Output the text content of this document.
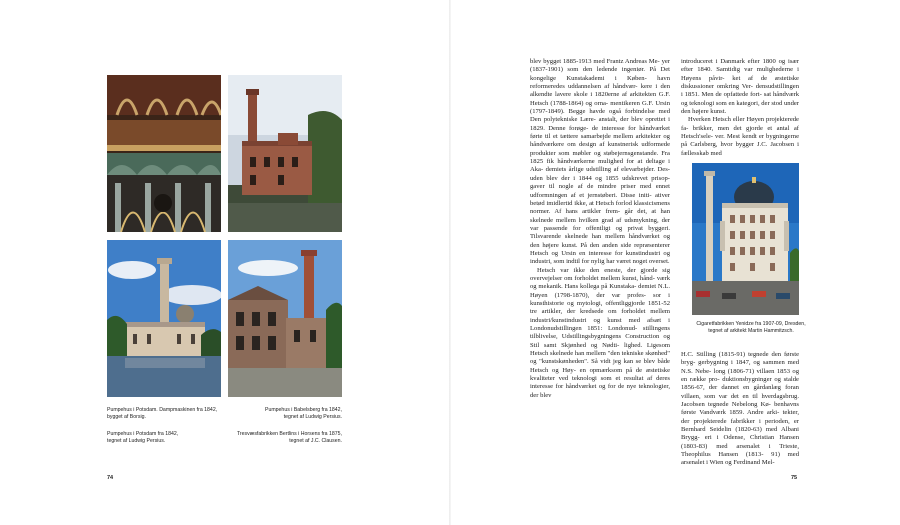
Pumpehus i Potsdam. Dampmaskinen fra 1842,
bygget af Borsig.
Pumpehus i Babelsberg fra 1842,
tegnet af Ludwig Persius.
Pumpehus i Potsdam fra 1842,
tegnet af Ludwig Persius.
Tresvæsfabrikken Bertlins i Horsens fra 1875,
tegnet af J.C. Clausen.
74

blev bygget 1885-1913 med Frantz Andreas Me- yer (1837-1901) som den ledende ingeniør. På Det kongelige Kunstakademi i Køben- havn reformeredes uddannelsen af håndvær- kere i den alkendte lavere skole i 1820erne af arkitekten G.F. Hetsch (1788-1864) og orna- mentikeren G.F. Ursin (1797-1849). Begge havde også forbindelse med Den polytekniske Lære- anstalt, der blev oprettet i 1829. Denne forøge- de interesse for håndværket førte til et tættere samarbejde mellem arkitekter og håndværkere om design af kunstnerisk udformede produkter som møbler og støbejernsgenstande. Fra 1825 fik håndværkerne mulighed for at deltage i Aka- demiets årlige udstilling af elevarbejder. Des- uden blev der i 1844 og 1855 udskrevet prisop- gaver til nogle af de mindre priser med ennet udformningen af et jernstøberi. Disse initi- ativer betød imidlertid ikke, at Hetsch forlod klassicismens normer. Af hans artikler frem- går det, at han skelnede mellem hvilken grad af udsmykning, der var passende for offentligt og privat byggeri. Tilsvarende skelnede han mellem håndværket og den højere kunst. På den anden side repræsenterer Hetsch og Ursin en interesse for kunstindustri og industri, som indtil for nylig har været noget overset.

Hetsch var ikke den eneste, der gjorde sig overvejelser om forholdet mellem kunst, hånd- værk og mekanik. Hans kollega på Kunstaka- demiet N.L. Høyen (1798-1870), der var profes- sor i kunsthistorie og mytologi, offentliggjorde 1851-52 tre artikler, der kredsede om forholdet mellem industri/kunstindustri og kunst med afsæt i Londonudstillingen 1851: Londonud- stillingens tilblivelse, Udstillingsbygningens Construction og Stil samt Skjønhed og Nødti- lighed. Ligesom Hetsch skelnede han mellem "den tekniske skønhed" og "kunstskønheden". Så vidt jeg kan se blev både Hetsch og Høy- en opmærksom på de æstetiske kvaliteter ved teknologi som et resultat af deres interesse for håndværket og for de nye teknologier, der blev

introduceret i Danmark efter 1800 og især efter 1840. Samtidig var mulighederne i Høyens påvir- ket af de æstetiske diskussioner omkring Ver- densudstillingen i 1851. Men de opfattede fort- sat håndværk og teknologi som en kategori, der stod under den højere kunst.

Hverken Hetsch eller Høyen projekterede fa- brikker, men det gjorde et antal af Hetsch'sele- ver. Mest kendt er bygningerne på Carlsberg, hvor bygger J.C. Jacobsen i fællesskab med

Cigaretfabrikken Yenidze fra 1907-09, Dresden,
tegnet af arkitekt Martin Hammitzsch.

H.C. Stilling (1815-91) tegnede den første bryg- gerbygning i 1847, og sammen med N.S. Nebe- long (1806-71) villaen 1853 og en række pro- duktionsbygninger og stalde 1856-67, der dannet en gårdanlæg foran villaen, som var det en til hverdagsbrug. Jacobsen tegnede Nebelong Kø- benhavns første Vandværk 1859. Andre arki- tekter, der projekterede fabrikker i perioden, er Bernhard Seidelin (1820-63) med Albani Brygg- eri i Odense, Christian Hansen (1803-83) med arsenalet i Trieste, Theophilus Hansen (1813- 91) med arsenalet i Wien og Ferdinand Mel-

75
